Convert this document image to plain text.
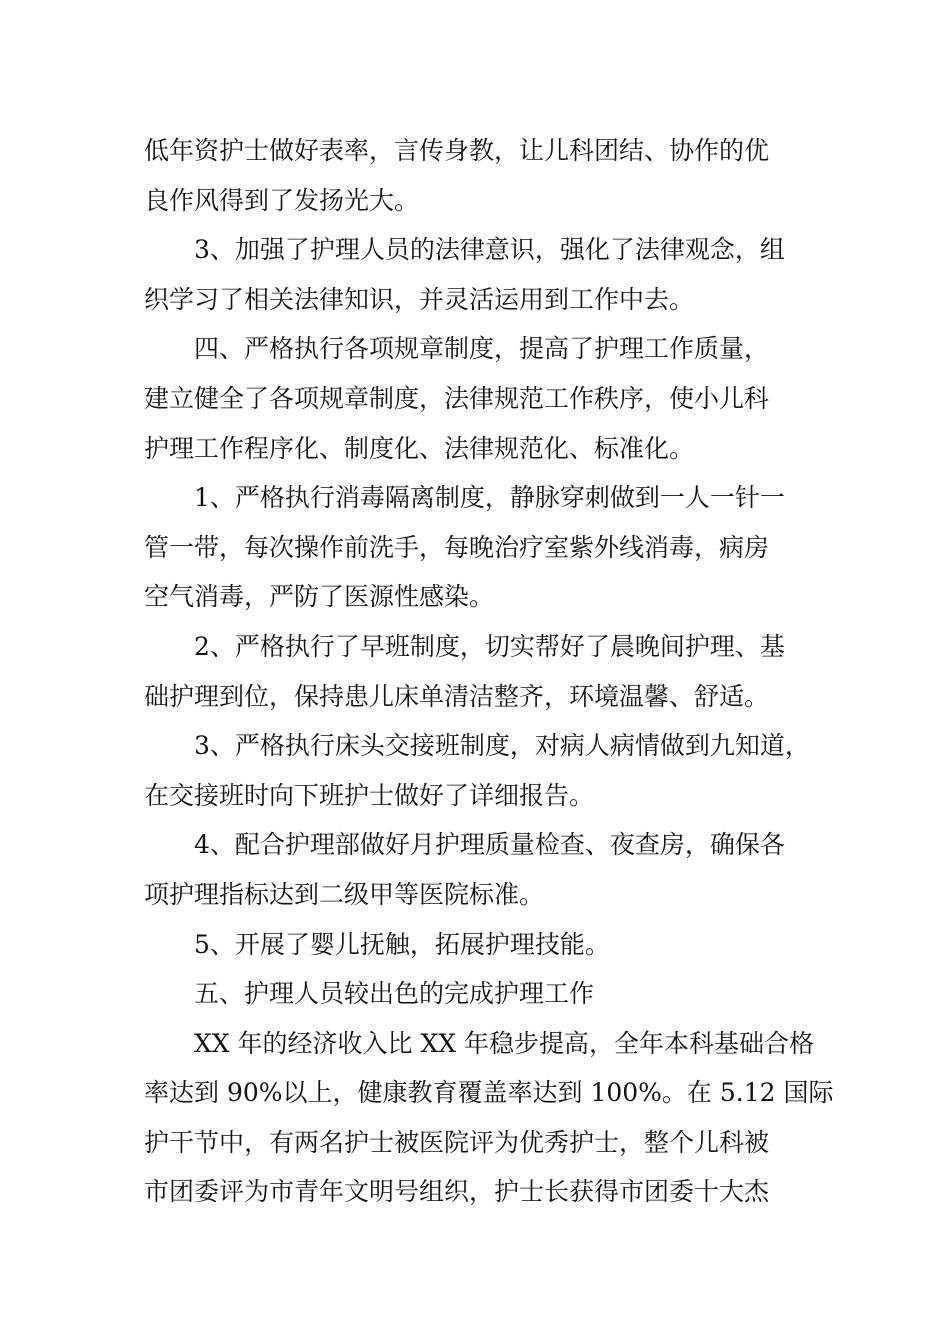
低年资护士做好表率，言传身教，让儿科团结、协作的优
良作风得到了发扬光大。
3、加强了护理人员的法律意识，强化了法律观念，组
织学习了相关法律知识，并灵活运用到工作中去。
四、严格执行各项规章制度，提高了护理工作质量，
建立健全了各项规章制度，法律规范工作秩序，使小儿科
护理工作程序化、制度化、法律规范化、标准化。
1、严格执行消毒隔离制度，静脉穿刺做到一人一针一
管一带，每次操作前洗手，每晚治疗室紫外线消毒，病房
空气消毒，严防了医源性感染。
2、严格执行了早班制度，切实帮好了晨晚间护理、基
础护理到位，保持患儿床单清洁整齐，环境温馨、舒适。
3、严格执行床头交接班制度，对病人病情做到九知道，
在交接班时向下班护士做好了详细报告。
4、配合护理部做好月护理质量检查、夜查房，确保各
项护理指标达到二级甲等医院标准。
5、开展了婴儿抚触，拓展护理技能。
五、护理人员较出色的完成护理工作
XX 年的经济收入比 XX 年稳步提高，全年本科基础合格
率达到 90%以上，健康教育覆盖率达到 100%。在 5.12 国际
护干节中，有两名护士被医院评为优秀护士，整个儿科被
市团委评为市青年文明号组织，护士长获得市团委十大杰
